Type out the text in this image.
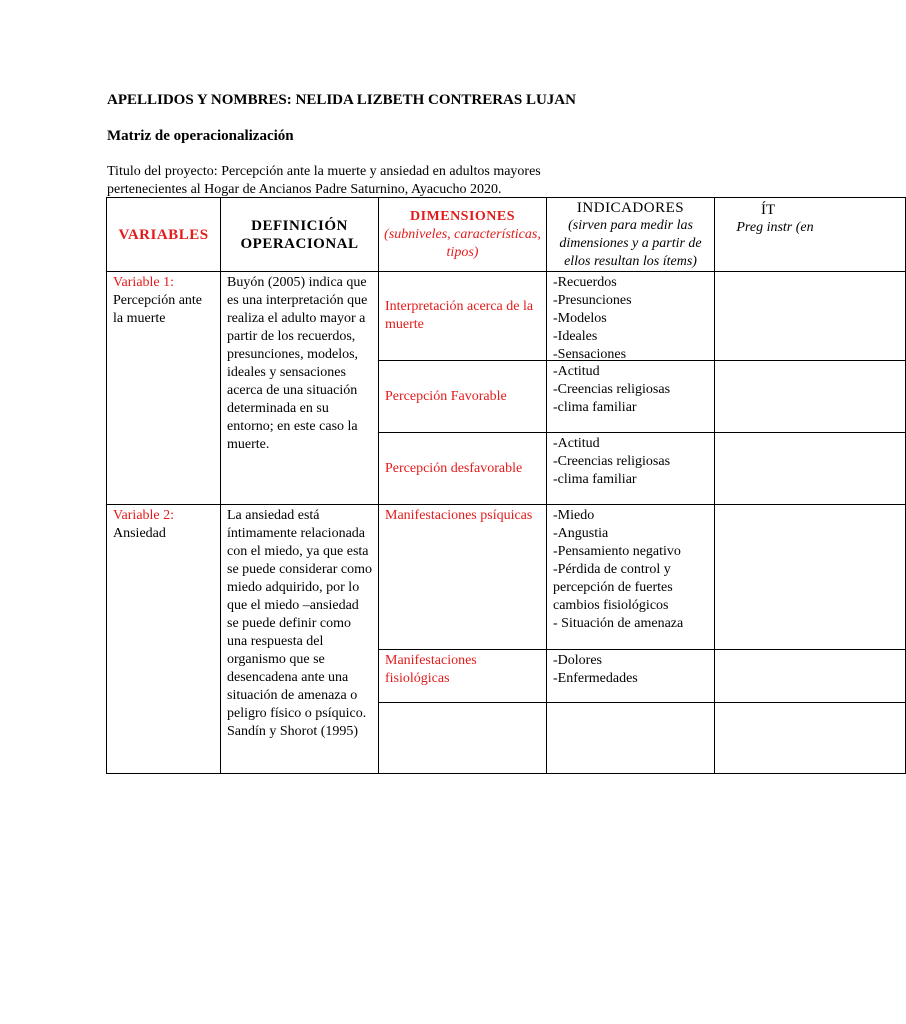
APELLIDOS Y NOMBRES: NELIDA LIZBETH CONTRERAS LUJAN
Matriz de operacionalización
Titulo del proyecto: Percepción ante la muerte y ansiedad en adultos mayores
pertenecientes al Hogar de Ancianos Padre Saturnino, Ayacucho 2020.
VARIABLES
DEFINICIÓN OPERACIONAL
DIMENSIONES
(subniveles, características, tipos)
INDICADORES
(sirven para medir las dimensiones y a partir de ellos resultan los ítems)
ÍT
Preg instr (en
Variable 1:
Percepción ante la muerte
Buyón (2005) indica que es una interpretación que realiza el adulto mayor a partir de los recuerdos, presunciones, modelos, ideales y sensaciones acerca de una situación determinada en su entorno; en este caso la muerte.
Interpretación acerca de la muerte
-Recuerdos
-Presunciones
-Modelos
-Ideales
-Sensaciones
Percepción Favorable
-Actitud
-Creencias religiosas
-clima familiar
Percepción desfavorable
-Actitud
-Creencias religiosas
-clima familiar
Variable 2:
Ansiedad
La ansiedad está íntimamente relacionada con el miedo, ya que esta se puede considerar como miedo adquirido, por lo que el miedo –ansiedad se puede definir como una respuesta del organismo que se desencadena ante una situación de amenaza o peligro físico o psíquico. Sandín y Shorot (1995)
Manifestaciones psíquicas	-Miedo
-Angustia
-Pensamiento negativo
-Pérdida de control y percepción de fuertes cambios fisiológicos
- Situación de amenaza
Manifestaciones fisiológicas
-Dolores
-Enfermedades
